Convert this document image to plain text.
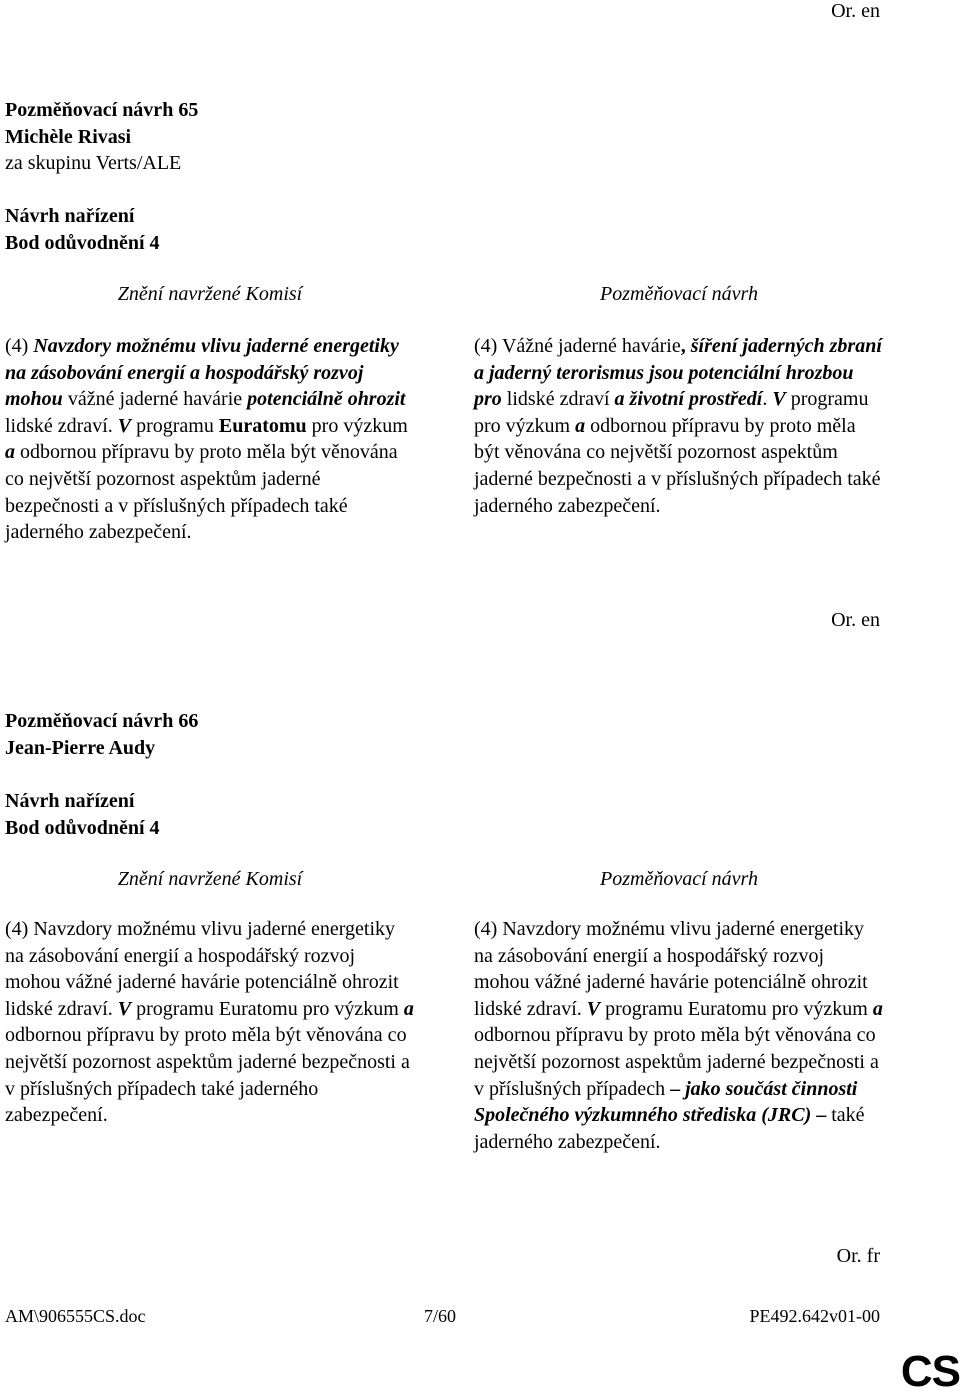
Or. en
Pozměňovací návrh 65
Michèle Rivasi
za skupinu Verts/ALE
Návrh nařízení
Bod odůvodnění 4
Znění navržené Komisí	Pozměňovací návrh

(4) Navzdory možnému vlivu jaderné energetiky na zásobování energií a hospodářský rozvoj mohou vážné jaderné havárie potenciálně ohrozit lidské zdraví. V programu Euratomu pro výzkum a odbornou přípravu by proto měla být věnována co největší pozornost aspektům jaderné bezpečnosti a v příslušných případech také jaderného zabezpečení.

(4) Vážné jaderné havárie, šíření jaderných zbraní a jaderný terorismus jsou potenciální hrozbou pro lidské zdraví a životní prostředí. V programu pro výzkum a odbornou přípravu by proto měla být věnována co největší pozornost aspektům jaderné bezpečnosti a v příslušných případech také jaderného zabezpečení.

Or. en
Pozměňovací návrh 66
Jean-Pierre Audy
Návrh nařízení
Bod odůvodnění 4
Znění navržené Komisí	Pozměňovací návrh

(4) Navzdory možnému vlivu jaderné energetiky na zásobování energií a hospodářský rozvoj mohou vážné jaderné havárie potenciálně ohrozit lidské zdraví. V programu Euratomu pro výzkum a odbornou přípravu by proto měla být věnována co největší pozornost aspektům jaderné bezpečnosti a v příslušných případech také jaderného zabezpečení.

(4) Navzdory možnému vlivu jaderné energetiky na zásobování energií a hospodářský rozvoj mohou vážné jaderné havárie potenciálně ohrozit lidské zdraví. V programu Euratomu pro výzkum a odbornou přípravu by proto měla být věnována co největší pozornost aspektům jaderné bezpečnosti a v příslušných případech – jako součást činnosti Společného výzkumného střediska (JRC) – také jaderného zabezpečení.

Or. fr
AM\906555CS.doc	7/60	PE492.642v01-00
CS
